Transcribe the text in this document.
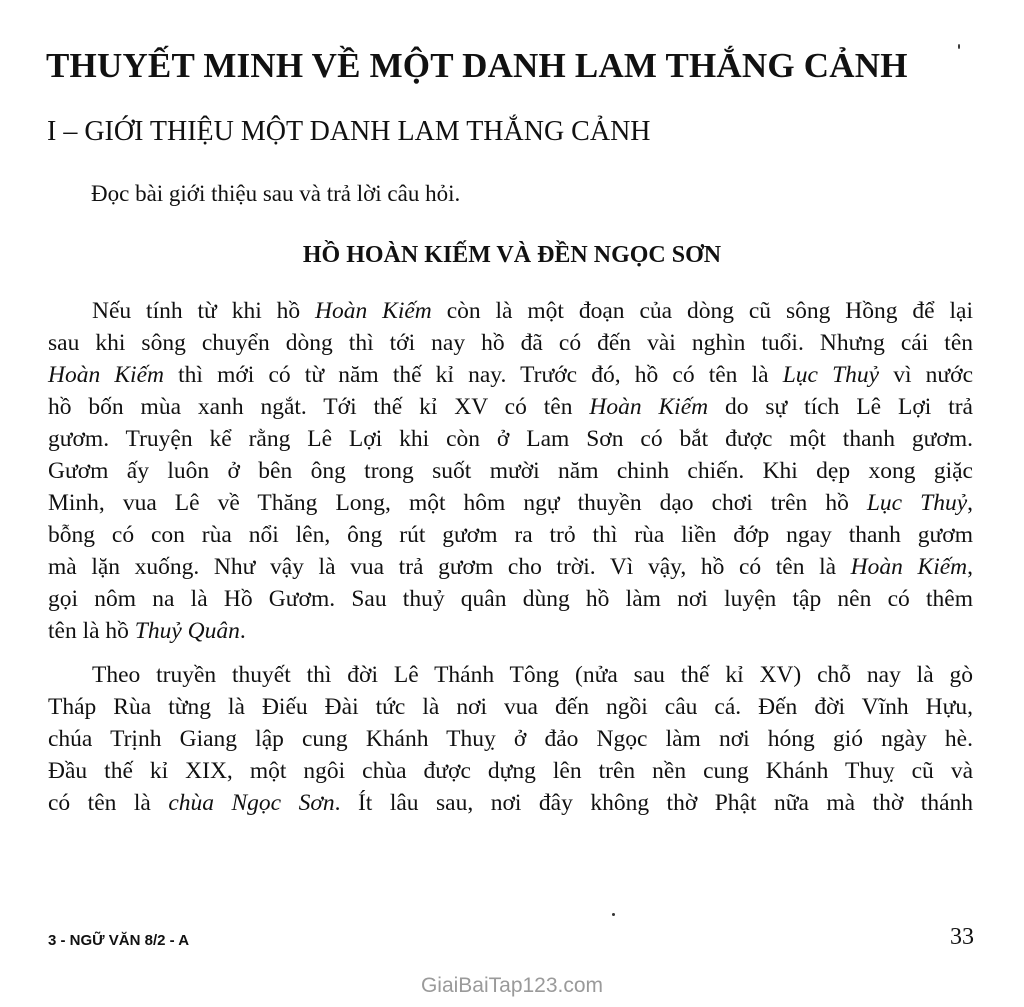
THUYẾT MINH VỀ MỘT DANH LAM THẮNG CẢNH
I – GIỚI THIỆU MỘT DANH LAM THẮNG CẢNH

Đọc bài giới thiệu sau và trả lời câu hỏi.

HỒ HOÀN KIẾM VÀ ĐỀN NGỌC SƠN
Nếu tính từ khi hồ Hoàn Kiếm còn là một đoạn của dòng cũ sông Hồng để lại
sau khi sông chuyển dòng thì tới nay hồ đã có đến vài nghìn tuổi. Nhưng cái tên
Hoàn Kiếm thì mới có từ năm thế kỉ nay. Trước đó, hồ có tên là Lục Thuỷ vì nước
hồ bốn mùa xanh ngắt. Tới thế kỉ XV có tên Hoàn Kiếm do sự tích Lê Lợi trả
gươm. Truyện kể rằng Lê Lợi khi còn ở Lam Sơn có bắt được một thanh gươm.
Gươm ấy luôn ở bên ông trong suốt mười năm chinh chiến. Khi dẹp xong giặc
Minh, vua Lê về Thăng Long, một hôm ngự thuyền dạo chơi trên hồ Lục Thuỷ,
bỗng có con rùa nổi lên, ông rút gươm ra trỏ thì rùa liền đớp ngay thanh gươm
mà lặn xuống. Như vậy là vua trả gươm cho trời. Vì vậy, hồ có tên là Hoàn Kiếm,
gọi nôm na là Hồ Gươm. Sau thuỷ quân dùng hồ làm nơi luyện tập nên có thêm
tên là hồ Thuỷ Quân.
Theo truyền thuyết thì đời Lê Thánh Tông (nửa sau thế kỉ XV) chỗ nay là gò
Tháp Rùa từng là Điếu Đài tức là nơi vua đến ngồi câu cá. Đến đời Vĩnh Hựu,
chúa Trịnh Giang lập cung Khánh Thuỵ ở đảo Ngọc làm nơi hóng gió ngày hè.
Đầu thế kỉ XIX, một ngôi chùa được dựng lên trên nền cung Khánh Thuỵ cũ và
có tên là chùa Ngọc Sơn. Ít lâu sau, nơi đây không thờ Phật nữa mà thờ thánh
3 - NGỮ VĂN 8/2 - A	33
GiaiBaiTap123.com
